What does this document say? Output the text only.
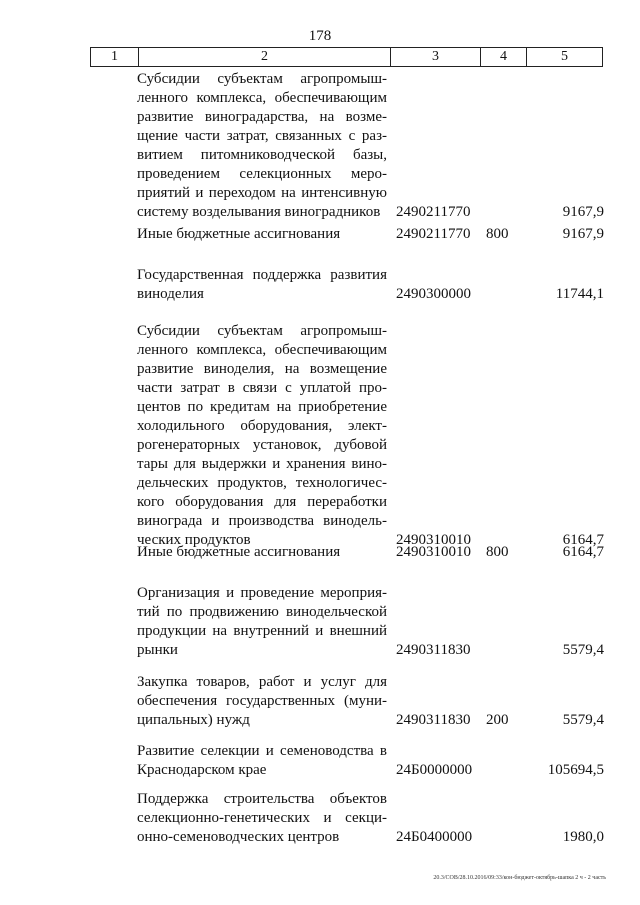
178
1	2	3	4	5
Субсидии субъектам агропромыш-
ленного комплекса, обеспечивающим
развитие виноградарства, на возме-
щение части затрат, связанных с раз-
витием питомниководческой базы,
проведением селекционных меро-
приятий и переходом на интенсивную
систему возделывания виноградников	2490211770	9167,9
Иные бюджетные ассигнования	2490211770 800	9167,9
Государственная поддержка развития
виноделия	2490300000	11744,1
Субсидии субъектам агропромыш-
ленного комплекса, обеспечивающим
развитие виноделия, на возмещение
части затрат в связи с уплатой про-
центов по кредитам на приобретение
холодильного оборудования, элект-
рогенераторных установок, дубовой
тары для выдержки и хранения вино-
дельческих продуктов, технологичес-
кого оборудования для переработки
винограда и производства винодель-
ческих продуктов	2490310010	6164,7
Иные бюджетные ассигнования	2490310010 800	6164,7
Организация и проведение мероприя-
тий по продвижению винодельческой
продукции на внутренний и внешний
рынки	2490311830	5579,4
Закупка товаров, работ и услуг для
обеспечения государственных (муни-
ципальных) нужд	2490311830 200	5579,4
Развитие селекции и семеноводства в
Краснодарском крае	24Б0000000	105694,5
Поддержка строительства объектов
селекционно-генетических и секци-
онно-семеноводческих центров	24Б0400000	1980,0
20.3/СОВ/28.10.2016/09:33/кон-бюджет-октябрь-шапка 2 ч - 2 часть
